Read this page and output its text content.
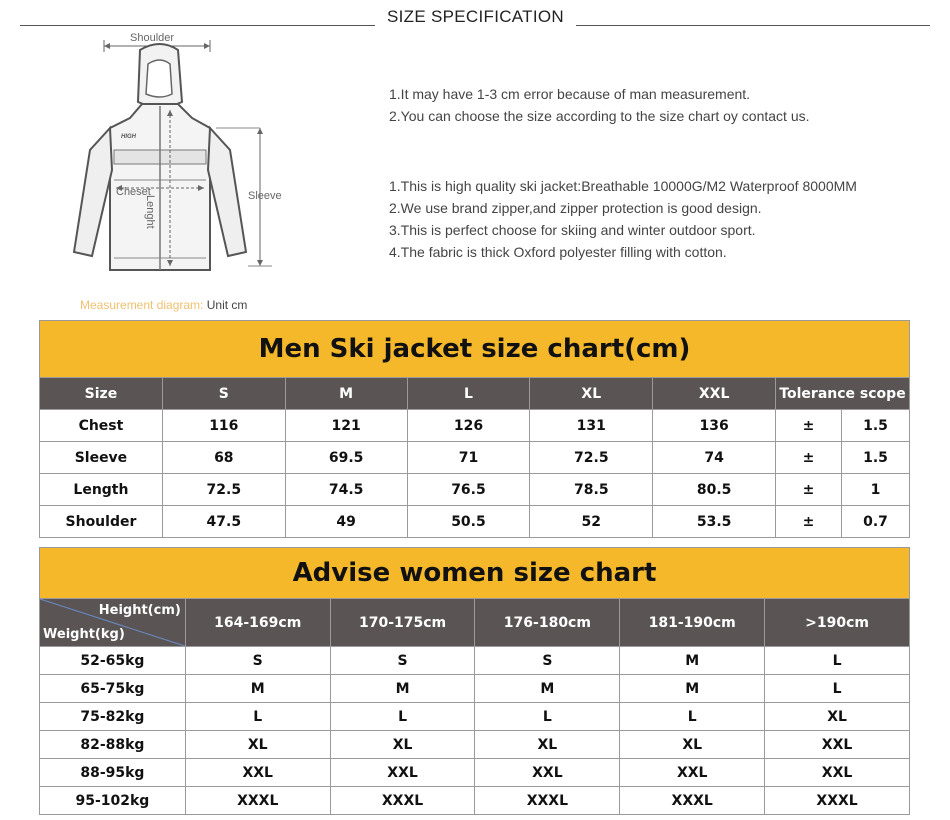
SIZE SPECIFICATION
Shoulder
HIGH
Cheset
Lenght	Sleeve
Measurement diagram: Unit cm
1.It may have 1-3 cm error because of man measurement.
2.You can choose the size according to the size chart oy contact us.
1.This is high quality ski jacket:Breathable 10000G/M2 Waterproof 8000MM
2.We use brand zipper,and zipper protection is good design.
3.This is perfect choose for skiing and winter outdoor sport.
4.The fabric is thick Oxford polyester filling with cotton.
Men Ski jacket size chart(cm)							
Size	S	M	L	XL	XXL	Tolerance scope	
Chest	116	121	126	131	136	±	1.5
Sleeve	68	69.5	71	72.5	74	±	1.5
Length	72.5	74.5	76.5	78.5	80.5	±	1
Shoulder	47.5	49	50.5	52	53.5	±	0.7
Advise women size chart					

Height(cm)
Weight(kg)	164-169cm	170-175cm	176-180cm	181-190cm	>190cm
52-65kg	S	S	S	M	L
65-75kg	M	M	M	M	L
75-82kg	L	L	L	L	XL
82-88kg	XL	XL	XL	XL	XXL
88-95kg	XXL	XXL	XXL	XXL	XXL
95-102kg	XXXL	XXXL	XXXL	XXXL	XXXL
